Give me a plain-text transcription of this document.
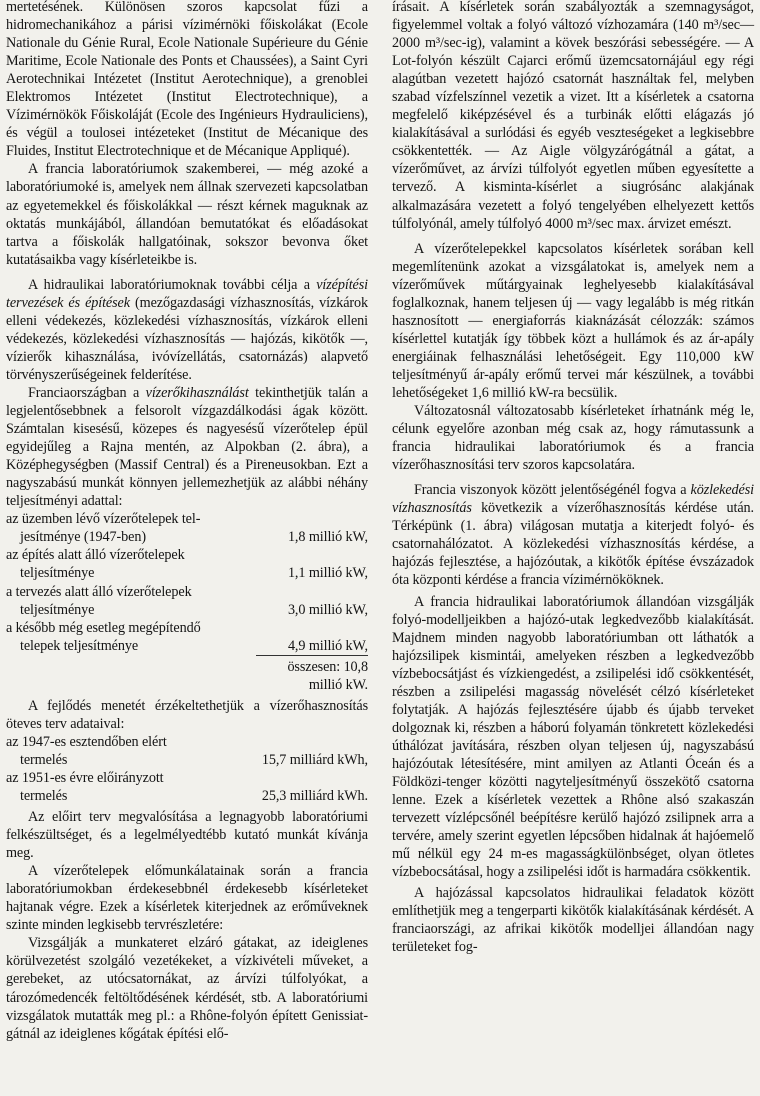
mertetésének. Különösen szoros kapcsolat fűzi a hidromechanikához a párisi vízimérnöki főiskolákat (Ecole Nationale du Génie Rural, Ecole Nationale Supérieure du Génie Maritime, Ecole Nationale des Ponts et Chaussées), a Saint Cyri Aerotechnikai Intézetet (Institut Aerotechnique), a grenoblei Elektromos Intézetet (Institut Electrotechnique), a Vízimérnökök Főiskoláját (Ecole des Ingénieurs Hydrauliciens), és végül a toulosei intézeteket (Institut de Mécanique des Fluides, Institut Electrotechnique et de Mécanique Appliqué).

A francia laboratóriumok szakemberei, — még azoké a laboratóriumoké is, amelyek nem állnak szervezeti kapcsolatban az egyetemekkel és főiskolákkal — részt kérnek maguknak az oktatás munkájából, állandóan bemutatókat és előadásokat tartva a főiskolák hallgatóinak, sokszor bevonva őket kutatásaikba vagy kísérleteikbe is.

A hidraulikai laboratóriumoknak további célja a vízépítési tervezések és építések (mezőgazdasági vízhasznosítás, vízkárok elleni védekezés, közlekedési vízhasznosítás, vízkárok elleni védekezés, közlekedési vízhasznosítás — hajózás, kikötők —, vízierők kihasználása, ivóvízellátás, csatornázás) alapvető törvényszerűségeinek felderítése.

Franciaországban a vízerőkihasználást tekinthetjük talán a legjelentősebbnek a felsorolt vízgazdálkodási ágak között. Számtalan kisesésű, közepes és nagyesésű vízerőtelep épül egyidejűleg a Rajna mentén, az Alpokban (2. ábra), a Középhegységben (Massif Central) és a Pireneusokban. Ezt a nagyszabású munkát könnyen jellemezhetjük az alábbi néhány teljesítményi adattal:

az üzemben lévő vízerőtelepek tel-
jesítménye (1947-ben)	1,8 millió kW,
az építés alatt álló vízerőtelepek
teljesítménye	1,1 millió kW,
a tervezés alatt álló vízerőtelepek
teljesítménye	3,0 millió kW,
a később még esetleg megépítendő
telepek teljesítménye	4,9 millió kW,
összesen: 10,8 millió kW.

A fejlődés menetét érzékeltethetjük a vízerőhasznosítás öteves terv adataival:

az 1947-es esztendőben elért
termelés	15,7 milliárd kWh,
az 1951-es évre előirányzott
termelés	25,3 milliárd kWh.

Az előirt terv megvalósítása a legnagyobb laboratóriumi felkészültséget, és a legelmélyedtébb kutató munkát kívánja meg.

A vízerőtelepek előmunkálatainak során a francia laboratóriumokban érdekesebbnél érdekesebb kísérleteket hajtanak végre. Ezek a kísérletek kiterjednek az erőműveknek szinte minden legkisebb tervrészletére:

Vizsgálják a munkateret elzáró gátakat, az ideiglenes körülvezetést szolgáló vezetékeket, a vízkivételi műveket, a gerebeket, az utócsatornákat, az árvízi túlfolyókat, a tározómedencék feltöltődésének kérdését, stb. A laboratóriumi vizsgálatok mutatták meg pl.: a Rhône-folyón épített Genissiat-gátnál az ideiglenes kőgátak építési elő-

írásait. A kísérletek során szabályozták a szemnagyságot, figyelemmel voltak a folyó változó vízhozamára (140 m³/sec—2000 m³/sec-ig), valamint a kövek beszórási sebességére. — A Lot-folyón készült Cajarci erőmű üzemcsatornájául egy régi alagútban vezetett hajózó csatornát használtak fel, melyben szabad vízfelszínnel vezetik a vizet. Itt a kísérletek a csatorna megfelelő kiképzésével és a turbinák előtti elágazás jó kialakításával a surlódási és egyéb veszteségeket a legkisebbre csökkentették. — Az Aigle völgyzárógátnál a gátat, a vízerőművet, az árvízi túlfolyót egyetlen műben egyesítette a tervező. A kisminta-kísérlet a siugrósánc alakjának alkalmazására vezetett a folyó tengelyében elhelyezett kettős túlfolyónál, amely túlfolyó 4000 m³/sec max. árvizet emészt.

A vízerőtelepekkel kapcsolatos kísérletek sorában kell megemlítenünk azokat a vizsgálatokat is, amelyek nem a vízerőművek műtárgyainak leghelyesebb kialakításával foglalkoznak, hanem teljesen új — vagy legalább is még ritkán hasznosított — energiaforrás kiaknázását célozzák: számos kísérlettel kutatják így többek közt a hullámok és az ár-apály energiáinak felhasználási lehetőségeit. Egy 110,000 kW teljesítményű ár-apály erőmű tervei már készülnek, a további lehetőségeket 1,6 millió kW-ra becsülik.

Változatosnál változatosabb kísérleteket írhatnánk még le, célunk egyelőre azonban még csak az, hogy rámutassunk a francia hidraulikai laboratóriumok és a francia vízerőhasznosítási terv szoros kapcsolatára.

Francia viszonyok között jelentőségénél fogva a közlekedési vízhasznosítás következik a vízerőhasznosítás kérdése után. Térképünk (1. ábra) világosan mutatja a kiterjedt folyó- és csatornahálózatot. A közlekedési vízhasznosítás kérdése, a hajózás fejlesztése, a hajózóutak, a kikötők építése évszázadok óta központi kérdése a francia vízimérnököknek.

A francia hidraulikai laboratóriumok állandóan vizsgálják folyó-modelljeikben a hajózó-utak legkedvezőbb kialakítását. Majdnem minden nagyobb laboratóriumban ott láthatók a hajózsilipek kismintái, amelyeken részben a legkedvezőbb vízbebocsátjást és vízkiengedést, a zsilipelési idő csökkentését, részben a zsilipelési magasság növelését célzó kísérleteket folytatják. A hajózás fejlesztésére újabb és újabb terveket dolgoznak ki, részben a háború folyamán tönkretett közlekedési úthálózat javítására, részben olyan teljesen új, nagyszabású hajózóutak létesítésére, mint amilyen az Atlanti Óceán és a Földközi-tenger közötti nagyteljesítményű összekötő csatorna lenne. Ezek a kísérletek vezettek a Rhône alsó szakaszán tervezett vízlépcsőnél beépítésre kerülő hajózó zsilipnek arra a tervére, amely szerint egyetlen lépcsőben hidalnak át hajóemelő mű nélkül egy 24 m-es magasságkülönbséget, olyan ötletes vízbebocsátásal, hogy a zsilipelési időt is harmadára csökkentik.

A hajózással kapcsolatos hidraulikai feladatok között említhetjük meg a tengerparti kikötők kialakításának kérdését. A franciaországi, az afrikai kikötők modelljei állandóan nagy területeket fog-
